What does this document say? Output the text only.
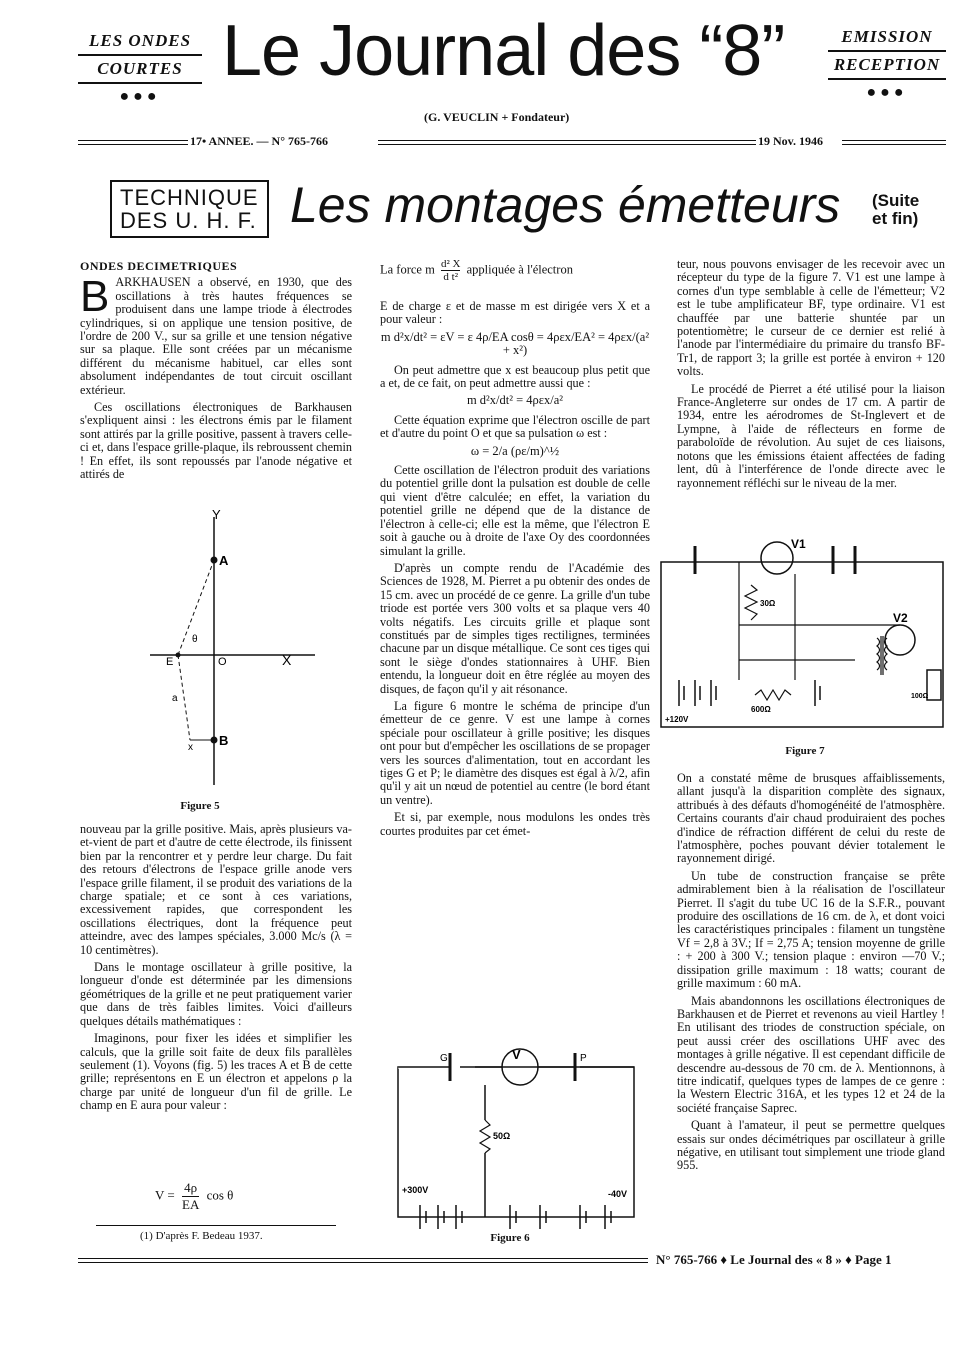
LES ONDES
COURTES
●●●
Le Journal des “8”	EMISSION
RECEPTION
●●●
(G. VEUCLIN + Fondateur)
17• ANNEE. — N° 765-766	19 Nov. 1946
TECHNIQUE
DES U. H. F. Les montages émetteurs (Suite
et fin)
ONDES DECIMETRIQUES

BARKHAUSEN a observé, en 1930, que des oscillations à très hautes fréquences se produisent dans une lampe triode à électrodes cylindriques, si on applique une tension positive, de l'ordre de 200 V., sur sa grille et une tension négative sur sa plaque. Elle sont créées par un mécanisme différent du mécanisme habituel, car elles sont absolument indépendantes de tout circuit oscillant extérieur.

Ces oscillations électroniques de Barkhausen s'expliquent ainsi : les électrons émis par le filament sont attirés par la grille positive, passent à travers celle-ci et, dans l'espace grille-plaque, ils rebroussent chemin ! En effet, ils sont repoussés par l'anode négative et attirés de

Y
A
B
E	O	X
θ
a
x
Figure 5

nouveau par la grille positive. Mais, après plusieurs va-et-vient de part et d'autre de cette électrode, ils finissent bien par la rencontrer et y perdre leur charge. Du fait des retours d'électrons de l'espace grille anode vers l'espace grille filament, il se produit des variations de la charge spatiale; et ce sont à ces variations, excessivement rapides, que correspondent les oscillations électriques, dont la fréquence peut atteindre, avec des lampes spéciales, 3.000 Mc/s (λ = 10 centimètres).

Dans le montage oscillateur à grille positive, la longueur d'onde est déterminée par les dimensions géométriques de la grille et ne peut pratiquement varier que dans de très faibles limites. Voici d'ailleurs quelques détails mathématiques :

Imaginons, pour fixer les idées et simplifier les calculs, que la grille soit faite de deux fils parallèles seulement (1). Voyons (fig. 5) les traces A et B de cette grille; représentons en E un électron et appelons ρ la charge par unité de longueur d'un fil de grille. Le champ en E aura pour valeur :

$V = \frac{4\rho}{EA}$ cos θ
(1) D'après F. Bedeau 1937.
La force m $\frac{\text{d² X}}{\text{d t²}}$ appliquée à l'électron

E de charge ε et de masse m est dirigée vers X et a pour valeur :

m d²x/dt² = εV = ε 4ρ/EA cosθ = 4ρεx/EA² = 4ρεx/(a² + x²)

On peut admettre que x est beaucoup plus petit que a et, de ce fait, on peut admettre aussi que :

m d²x/dt² = 4ρεx/a²

Cette équation exprime que l'électron oscille de part et d'autre du point O et que sa pulsation ω est :

ω = 2/a (ρε/m)^½

Cette oscillation de l'électron produit des variations du potentiel grille dont la pulsation est double de celle qui vient d'être calculée; en effet, la variation du potentiel grille ne dépend que de la distance de l'électron à celle-ci; elle est la même, que l'électron E soit à gauche ou à droite de l'axe Oy des coordonnées simulant la grille.

D'après un compte rendu de l'Académie des Sciences de 1928, M. Pierret a pu obtenir des ondes de 15 cm. avec un procédé de ce genre. La grille d'un tube triode est portée vers 300 volts et sa plaque vers 40 volts négatifs. Les circuits grille et plaque sont constitués par de simples tiges rectilignes, terminées chacune par un disque métallique. Ce sont ces tiges qui sont le siège d'ondes stationnaires à UHF. Bien entendu, la longueur doit en être réglée au moyen des disques, de façon qu'il y ait résonance.

La figure 6 montre le schéma de principe d'un émetteur de ce genre. V est une lampe à cornes spéciale pour oscillateur à grille positive; les disques ont pour but d'empêcher les oscillations de se propager vers les sources d'alimentation, tout en accordant les tiges G et P; le diamètre des disques est égal à λ/2, afin qu'il y ait un nœud de potentiel au centre (le bord étant un ventre).

Et si, par exemple, nous modulons les ondes très courtes produites par cet émet-

G	V	P
50Ω
+300V	-40V
Figure 6

teur, nous pouvons envisager de les recevoir avec un récepteur du type de la figure 7. V1 est une lampe à cornes d'un type semblable à celle de l'émetteur; V2 est le tube amplificateur BF, type ordinaire. V1 est chauffée par une batterie shuntée par un potentiomètre; le curseur de ce dernier est relié à l'anode par l'intermédiaire du primaire du transfo BF-Tr1, de rapport 3; la grille est portée à environ + 120 volts.

Le procédé de Pierret a été utilisé pour la liaison France-Angleterre sur ondes de 17 cm. A partir de 1934, entre les aérodromes de St-Inglevert et de Lympne, à l'aide de réflecteurs en forme de paraboloïde de révolution. Au sujet de ces liaisons, notons que les émissions étaient affectées de fading lent, dû à l'interférence de l'onde directe avec le rayonnement réfléchi sur le niveau de la mer.

V1
V2
30Ω
600Ω
+120V
100Ω
Figure 7

On a constaté même de brusques affaiblissements, allant jusqu'à la disparition complète des signaux, attribués à des défauts d'homogénéité de l'atmosphère. Certains courants d'air chaud produiraient des poches d'indice de réfraction différent de celui du reste de l'atmosphère, poches pouvant dévier totalement le rayonnement dirigé.

Un tube de construction française se prête admirablement bien à la réalisation de l'oscillateur Pierret. Il s'agit du tube UC 16 de la S.F.R., pouvant produire des oscillations de 16 cm. de λ, et dont voici les caractéristiques principales : filament un tungstène Vf = 2,8 à 3V.; If = 2,75 A; tension moyenne de grille : + 200 à 300 V.; tension plaque : environ —70 V.; dissipation grille maximum : 18 watts; courant de grille maximum : 60 mA.

Mais abandonnons les oscillations électroniques de Barkhausen et de Pierret et revenons au vieil Hartley ! En utilisant des triodes de construction spéciale, on peut aussi créer des oscillations UHF avec des montages à grille négative. Il est cependant difficile de descendre au-dessous de 70 cm. de λ. Mentionnons, à titre indicatif, quelques types de lampes de ce genre : la Western Electric 316A, et les types 12 et 24 de la société française Saprec.

Quant à l'amateur, il peut se permettre quelques essais sur ondes décimétriques par oscillateur à grille négative, en utilisant tout simplement une triode gland 955.

N° 765-766 ♦ Le Journal des « 8 » ♦ Page 1
